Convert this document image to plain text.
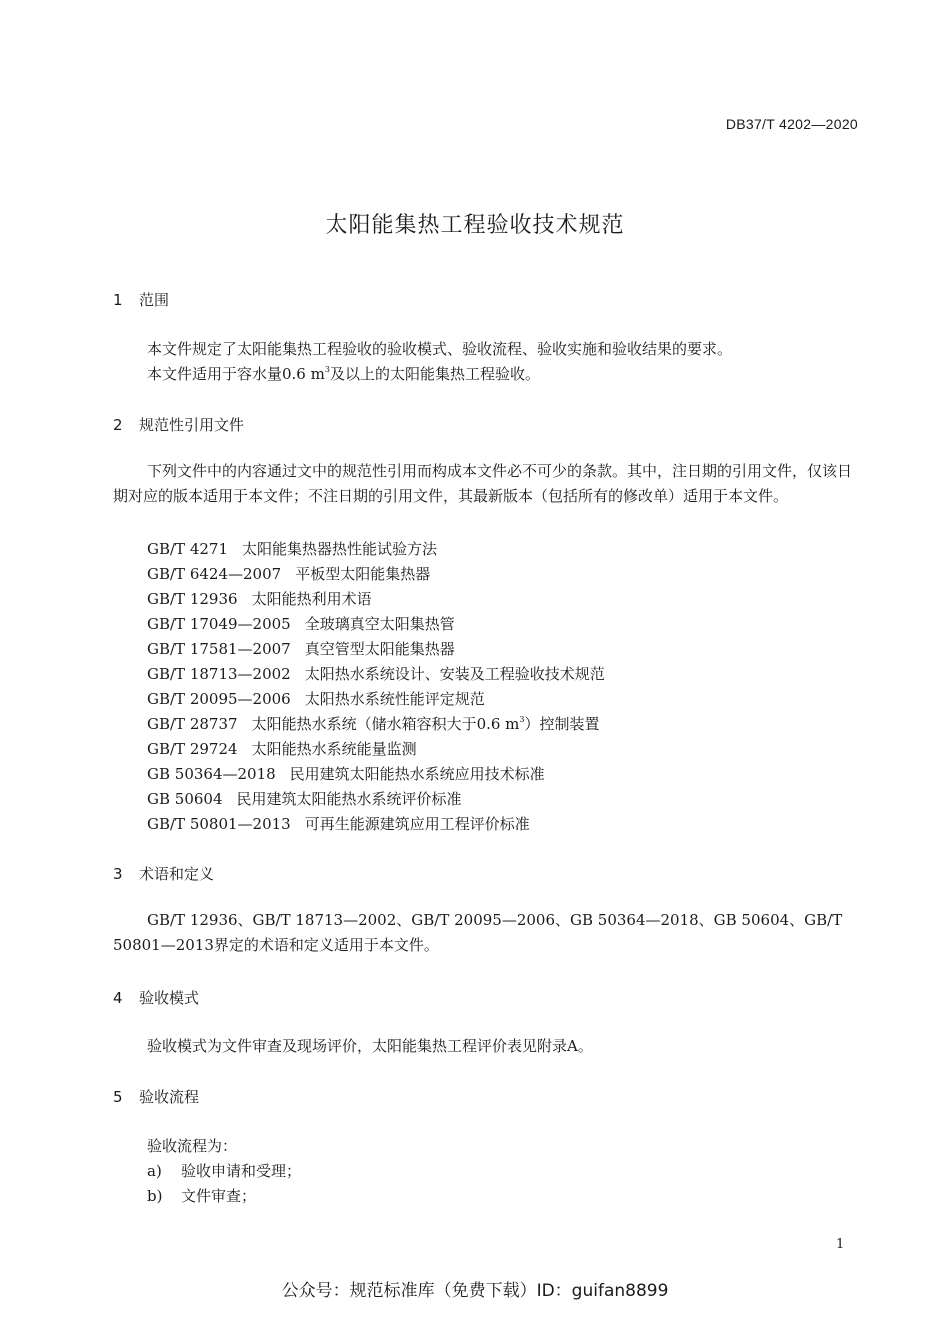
DB37/T 4202—2020
太阳能集热工程验收技术规范
1 范围
本文件规定了太阳能集热工程验收的验收模式、验收流程、验收实施和验收结果的要求。
本文件适用于容水量0.6 $m^3$及以上的太阳能集热工程验收。
2 规范性引用文件
下列文件中的内容通过文中的规范性引用而构成本文件必不可少的条款。其中，注日期的引用文件，仅该日期对应的版本适用于本文件；不注日期的引用文件，其最新版本（包括所有的修改单）适用于本文件。
GB/T 4271 太阳能集热器热性能试验方法
GB/T 6424—2007 平板型太阳能集热器
GB/T 12936 太阳能热利用术语
GB/T 17049—2005 全玻璃真空太阳集热管
GB/T 17581—2007 真空管型太阳能集热器
GB/T 18713—2002 太阳热水系统设计、安装及工程验收技术规范
GB/T 20095—2006 太阳热水系统性能评定规范
GB/T 28737 太阳能热水系统（储水箱容积大于0.6 $m^3$）控制装置
GB/T 29724 太阳能热水系统能量监测
GB 50364—2018 民用建筑太阳能热水系统应用技术标准
GB 50604 民用建筑太阳能热水系统评价标准
GB/T 50801—2013 可再生能源建筑应用工程评价标准
3 术语和定义
GB/T 12936、GB/T 18713—2002、GB/T 20095—2006、GB 50364—2018、GB 50604、GB/T 50801—2013界定的术语和定义适用于本文件。
4 验收模式
验收模式为文件审查及现场评价，太阳能集热工程评价表见附录A。
5 验收流程
验收流程为：
a) 验收申请和受理；
b) 文件审查；
1
公众号：规范标准库（免费下载）ID：guifan8899
